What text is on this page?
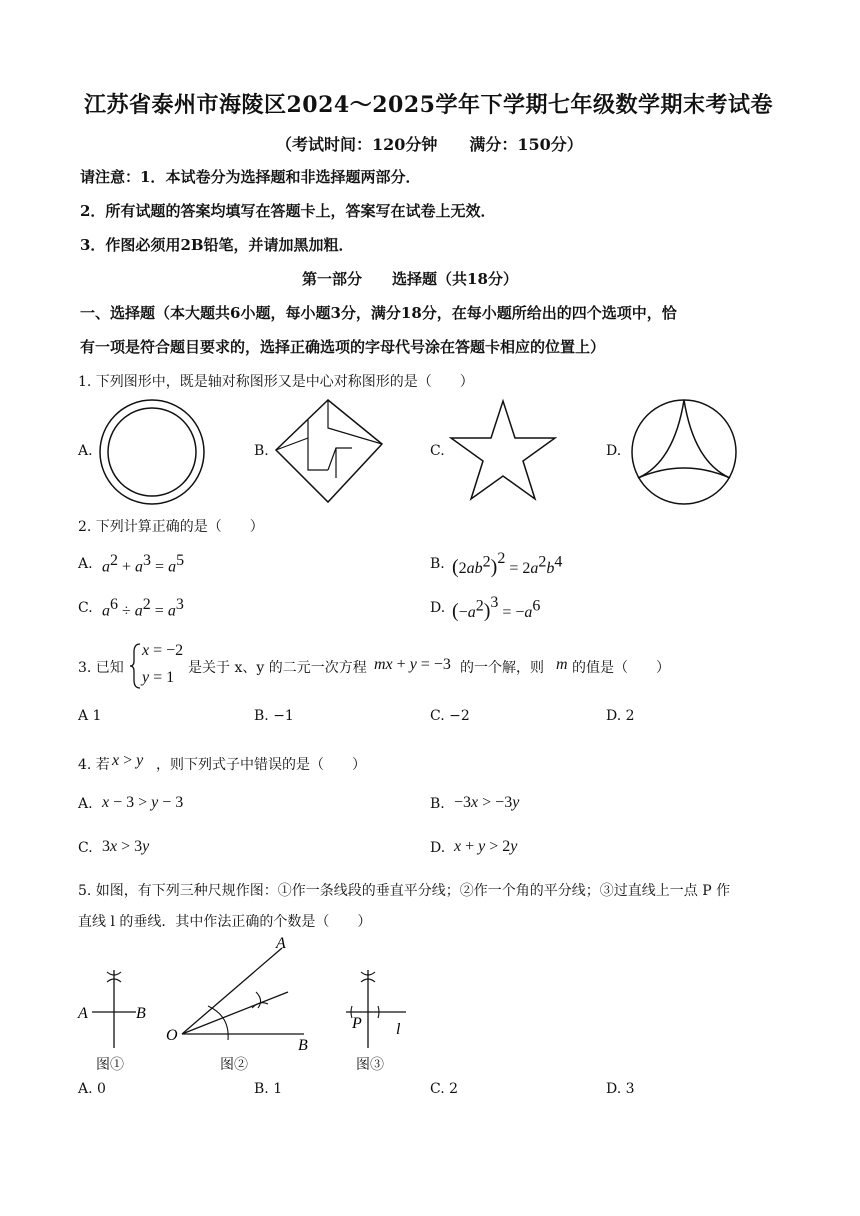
江苏省泰州市海陵区2024～2025学年下学期七年级数学期末考试卷
（考试时间：120分钟　　满分：150分）
请注意：1．本试卷分为选择题和非选择题两部分．
2．所有试题的答案均填写在答题卡上，答案写在试卷上无效．
3．作图必须用2B铅笔，并请加黑加粗．
第一部分　　选择题（共18分）
一、选择题（本大题共6小题，每小题3分，满分18分，在每小题所给出的四个选项中，恰
有一项是符合题目要求的，选择正确选项的字母代号涂在答题卡相应的位置上）
1. 下列图形中，既是轴对称图形又是中心对称图形的是（　　）
A.	B.	C.	D.
2. 下列计算正确的是（　　）
A. $a^2 + a^3 = a^5$	B. $(2ab^2)^2 = 2a^2b^4$
C. $a^6 \div a^2 = a^3$	D. $(-a^2)^3 = -a^6$
3. 已知
x = −2
y = 1
是关于 x、y 的二元一次方程 mx + y = −3 的一个解，则 m 的值是（　　）
A 1	B. −1	C. −2	D. 2
4. 若 x > y ，则下列式子中错误的是（　　）
A. x − 3 > y − 3	B. −3x > −3y
C. 3x > 3y	D. x + y > 2y
5. 如图，有下列三种尺规作图：①作一条线段的垂直平分线；②作一个角的平分线；③过直线上一点 P 作
直线 l 的垂线．其中作法正确的个数是（　　）
A	B
O
A
B
P l
图①	图②	图③
A. 0	B. 1	C. 2	D. 3
